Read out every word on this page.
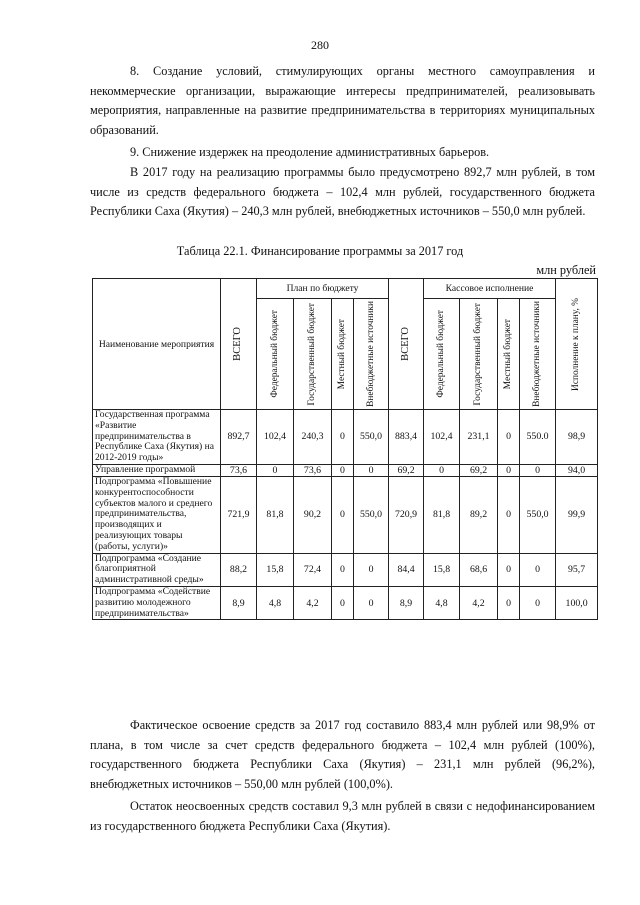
280
8. Создание условий, стимулирующих органы местного самоуправления и некоммерческие организации, выражающие интересы предпринимателей, реализовывать мероприятия, направленные на развитие предпринимательства в территориях муниципальных образований.
9. Снижение издержек на преодоление административных барьеров.
В 2017 году на реализацию программы было предусмотрено 892,7 млн рублей, в том числе из средств федерального бюджета – 102,4 млн рублей, государственного бюджета Республики Саха (Якутия) – 240,3 млн рублей, внебюджетных источников – 550,0 млн рублей.
Таблица 22.1. Финансирование программы за 2017 год
млн рублей
Наименование мероприятия	ВСЕГО	План по бюджету				ВСЕГО	Кассовое исполнение				Исполнение к плану, %

		Федеральный бюджет	Государственный бюджет	Местный бюджет	Внебюджетные источники		Федеральный бюджет	Государственный бюджет	Местный бюджет	Внебюджетные источники	

Государственная программа «Развитие предпринимательства в Республике Саха (Якутия) на 2012-2019 годы»	892,7	102,4	240,3	0	550,0	883,4	102,4	231,1	0	550.0	98,9
Управление программой	73,6	0	73,6	0	0	69,2	0	69,2	0	0	94,0
Подпрограмма «Повышение конкурентоспособности субъектов малого и среднего предпринимательства, производящих и реализующих товары (работы, услуги)»	721,9	81,8	90,2	0	550,0	720,9	81,8	89,2	0	550,0	99,9
Подпрограмма «Создание благоприятной административной среды»	88,2	15,8	72,4	0	0	84,4	15,8	68,6	0	0	95,7
Подпрограмма «Содействие развитию молодежного предпринимательства»	8,9	4,8	4,2	0	0	8,9	4,8	4,2	0	0	100,0
Фактическое освоение средств за 2017 год составило 883,4 млн рублей или 98,9% от плана, в том числе за счет средств федерального бюджета – 102,4 млн рублей (100%), государственного бюджета Республики Саха (Якутия) – 231,1 млн рублей (96,2%), внебюджетных источников – 550,00 млн рублей (100,0%).
Остаток неосвоенных средств составил 9,3 млн рублей в связи с недофинансированием из государственного бюджета Республики Саха (Якутия).
